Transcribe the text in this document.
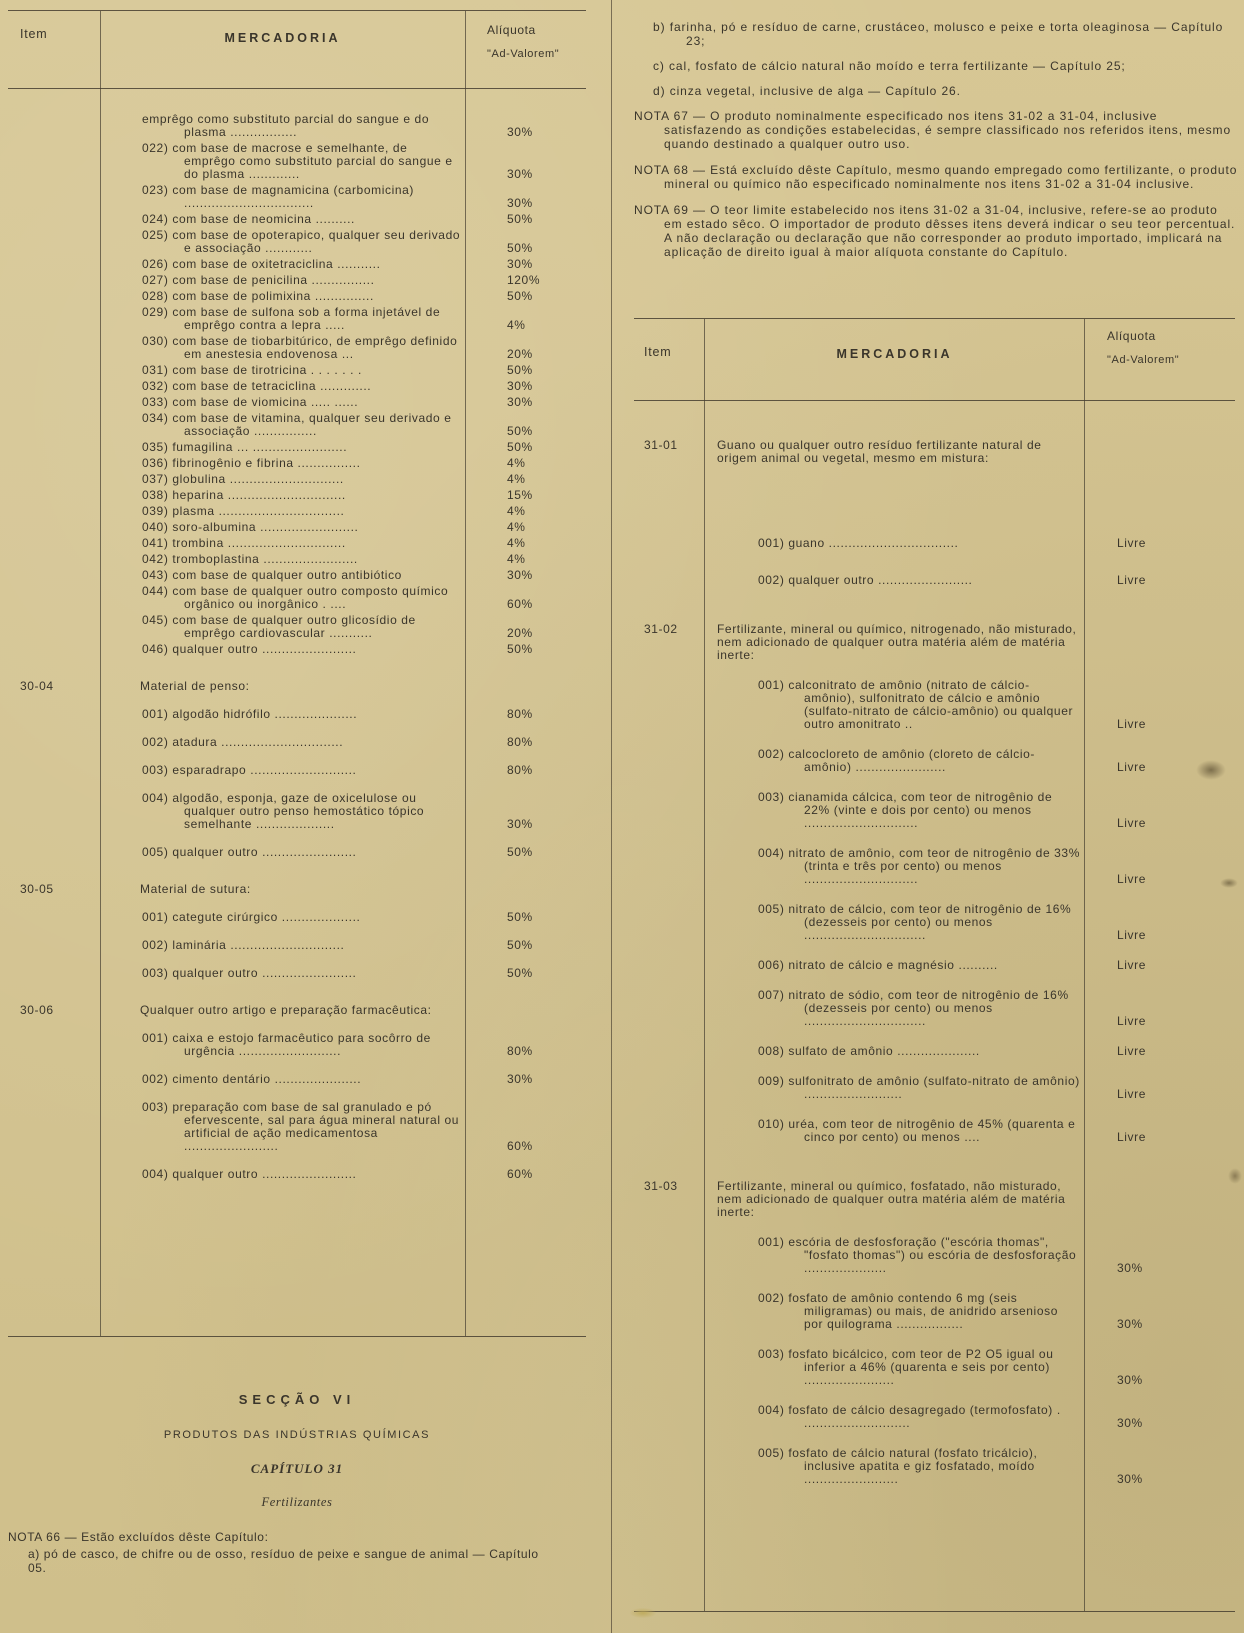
Item	MERCADORIA
Alíquota
"Ad-Valorem"
emprêgo como substituto parcial do sangue e do plasma .................	30%
022) com base de macrose e semelhante, de emprêgo como substituto parcial do sangue e do plasma .............	30%
023) com base de magnamicina (carbomicina) .................................	30%
024) com base de neomicina ..........	50%
025) com base de opoterapico, qualquer seu derivado e associação ............	50%
026) com base de oxitetraciclina ...........	30%
027) com base de penicilina ................	120%
028) com base de polimixina ...............	50%
029) com base de sulfona sob a forma injetável de emprêgo contra a lepra .....	4%
030) com base de tiobarbitúrico, de emprêgo definido em anestesia endovenosa ...	20%
031) com base de tirotricina . . . . . . .	50%
032) com base de tetraciclina .............	30%
033) com base de viomicina ..... ......	30%
034) com base de vitamina, qualquer seu derivado e associação ................	50%
035) fumagilina ... ........................	50%
036) fibrinogênio e fibrina ................	4%
037) globulina .............................	4%
038) heparina ..............................	15%
039) plasma ................................	4%
040) soro-albumina .........................	4%
041) trombina ..............................	4%
042) tromboplastina ........................	4%
043) com base de qualquer outro antibiótico	30%
044) com base de qualquer outro composto químico orgânico ou inorgânico . ....	60%
045) com base de qualquer outro glicosídio de emprêgo cardiovascular ...........	20%
046) qualquer outro ........................	50%
30-04	Material de penso:
001) algodão hidrófilo .....................	80%
002) atadura ...............................	80%
003) esparadrapo ...........................	80%
004) algodão, esponja, gaze de oxicelulose ou qualquer outro penso hemostático tópico semelhante ....................	30%
005) qualquer outro ........................	50%
30-05	Material de sutura:
001) categute cirúrgico ....................	50%
002) laminária .............................	50%
003) qualquer outro ........................	50%
30-06	Qualquer outro artigo e preparação farmacêutica:
001) caixa e estojo farmacêutico para socôrro de urgência ..........................	80%
002) cimento dentário ......................	30%
003) preparação com base de sal granulado e pó efervescente, sal para água mineral natural ou artificial de ação medicamentosa ........................	60%
004) qualquer outro ........................	60%
SECÇÃO VI
PRODUTOS DAS INDÚSTRIAS QUÍMICAS
CAPÍTULO 31
Fertilizantes

NOTA 66 — Estão excluídos dêste Capítulo:

a) pó de casco, de chifre ou de osso, resíduo de peixe e sangue de animal — Capítulo 05.

b) farinha, pó e resíduo de carne, crustáceo, molusco e peixe e torta oleaginosa — Capítulo 23;

c) cal, fosfato de cálcio natural não moído e terra fertilizante — Capítulo 25;

d) cinza vegetal, inclusive de alga — Capítulo 26.

NOTA 67 — O produto nominalmente especificado nos itens 31-02 a 31-04, inclusive satisfazendo as condições estabelecidas, é sempre classificado nos referidos itens, mesmo quando destinado a qualquer outro uso.

NOTA 68 — Está excluído dêste Capítulo, mesmo quando empregado como fertilizante, o produto mineral ou químico não especificado nominalmente nos itens 31-02 a 31-04 inclusive.

NOTA 69 — O teor limite estabelecido nos itens 31-02 a 31-04, inclusive, refere-se ao produto em estado sêco. O importador de produto dêsses itens deverá indicar o seu teor percentual. A não declaração ou declaração que não corresponder ao produto importado, implicará na aplicação de direito igual à maior alíquota constante do Capítulo.

Item	MERCADORIA
Alíquota
"Ad-Valorem"
31-01	Guano ou qualquer outro resíduo fertilizante natural de origem animal ou vegetal, mesmo em mistura:
001) guano .................................	Livre
002) qualquer outro ........................	Livre
31-02	Fertilizante, mineral ou químico, nitrogenado, não misturado, nem adicionado de qualquer outra matéria além de matéria inerte:
001) calconitrato de amônio (nitrato de cálcio-amônio), sulfonitrato de cálcio e amônio (sulfato-nitrato de cálcio-amônio) ou qualquer outro amonitrato ..	Livre
002) calcocloreto de amônio (cloreto de cálcio-amônio) .......................	Livre
003) cianamida cálcica, com teor de nitrogênio de 22% (vinte e dois por cento) ou menos .............................	Livre
004) nitrato de amônio, com teor de nitrogênio de 33% (trinta e três por cento) ou menos .............................	Livre
005) nitrato de cálcio, com teor de nitrogênio de 16% (dezesseis por cento) ou menos ...............................	Livre
006) nitrato de cálcio e magnésio ..........	Livre
007) nitrato de sódio, com teor de nitrogênio de 16% (dezesseis por cento) ou menos ...............................	Livre
008) sulfato de amônio .....................	Livre
009) sulfonitrato de amônio (sulfato-nitrato de amônio) .........................	Livre
010) uréa, com teor de nitrogênio de 45% (quarenta e cinco por cento) ou menos ....	Livre
31-03	Fertilizante, mineral ou químico, fosfatado, não misturado, nem adicionado de qualquer outra matéria além de matéria inerte:
001) escória de desfosforação ("escória thomas", "fosfato thomas") ou escória de desfosforação .....................	30%
002) fosfato de amônio contendo 6 mg (seis miligramas) ou mais, de anidrido arsenioso por quilograma .................	30%
003) fosfato bicálcico, com teor de P2 O5 igual ou inferior a 46% (quarenta e seis por cento) .......................	30%
004) fosfato de cálcio desagregado (termofosfato) . ...........................	30%
005) fosfato de cálcio natural (fosfato tricálcio), inclusive apatita e giz fosfatado, moído ........................	30%
